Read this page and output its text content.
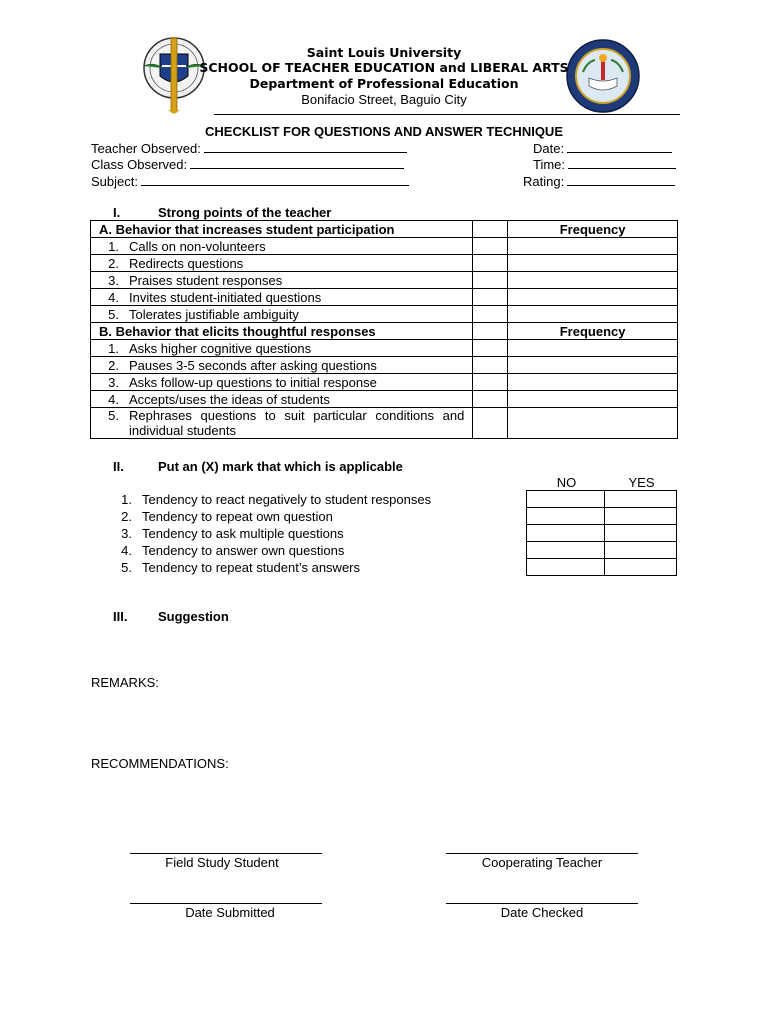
Saint Louis University
SCHOOL OF TEACHER EDUCATION and LIBERAL ARTS
Department of Professional Education
Bonifacio Street, Baguio City
CHECKLIST FOR QUESTIONS AND ANSWER TECHNIQUE
Teacher Observed:
Class Observed:
Subject:
Date:
Time:
Rating:
I.	Strong points of the teacher
A. Behavior that increases student participation		Frequency
1. Calls on non-volunteers		
2. Redirects questions		
3. Praises student responses		
4. Invites student-initiated questions		
5. Tolerates justifiable ambiguity		
B. Behavior that elicits thoughtful responses		Frequency
1. Asks higher cognitive questions		
2. Pauses 3-5 seconds after asking questions		
3. Asks follow-up questions to initial response		
4. Accepts/uses the ideas of students		

5. Rephrases questions to suit particular conditions and individual students		

II.	Put an (X) mark that which is applicable
NO	YES
1. Tendency to react negatively to student responses
2. Tendency to repeat own question
3. Tendency to ask multiple questions
4. Tendency to answer own questions
5. Tendency to repeat student’s answers

III. Suggestion
REMARKS:
RECOMMENDATIONS:
Field Study Student	Cooperating Teacher
Date Submitted	Date Checked
